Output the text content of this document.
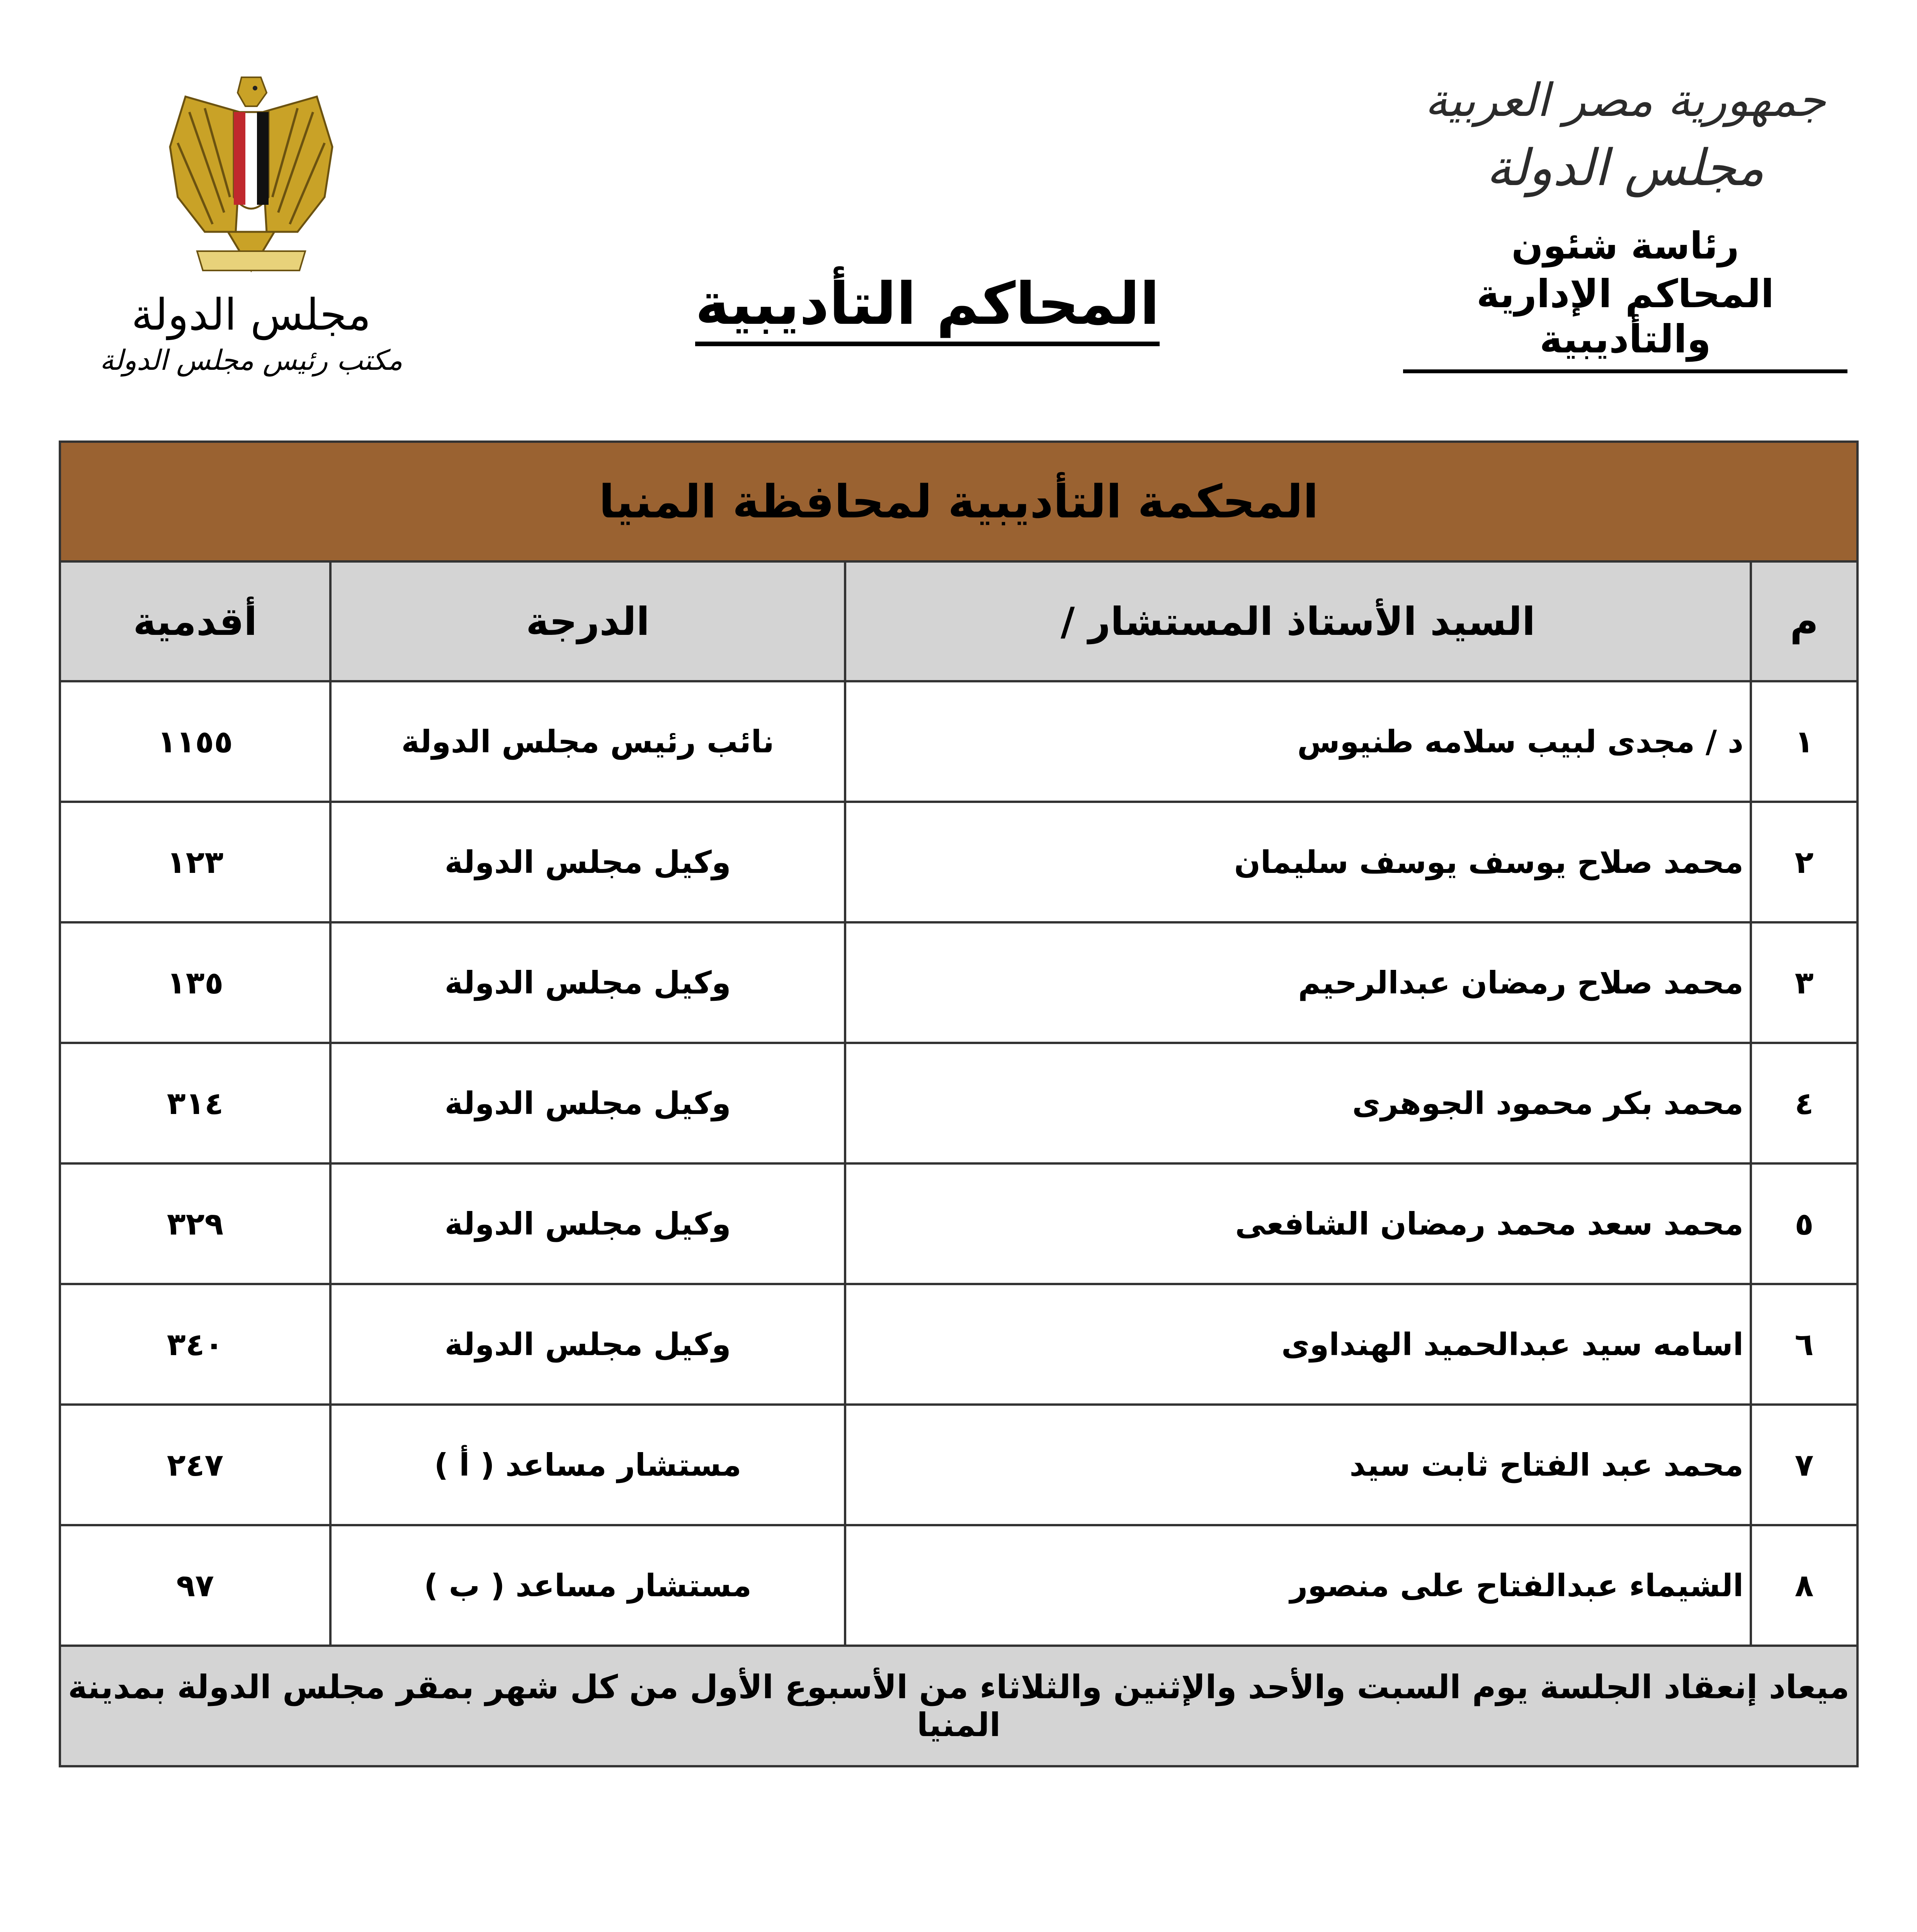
جمهورية مصر العربية
مجلس الدولة
رئاسة شئون
المحاكم الإدارية والتأديبية
المحاكم التأديبية
مجلس الدولة
مكتب رئيس مجلس الدولة
المحكمة التأديبية لمحافظة المنيا			
م	السيد الأستاذ المستشار /	الدرجة	أقدمية
١	د / مجدى لبيب سلامه طنيوس	نائب رئيس مجلس الدولة	١١٥٥
٢	محمد صلاح يوسف يوسف سليمان	وكيل مجلس الدولة	١٢٣
٣	محمد صلاح رمضان عبدالرحيم	وكيل مجلس الدولة	١٣٥
٤	محمد بكر محمود الجوهرى	وكيل مجلس الدولة	٣١٤
٥	محمد سعد محمد رمضان الشافعى	وكيل مجلس الدولة	٣٢٩
٦	اسامه سيد عبدالحميد الهنداوى	وكيل مجلس الدولة	٣٤٠
٧	محمد عبد الفتاح ثابت سيد	مستشار مساعد ( أ )	٢٤٧
٨	الشيماء عبدالفتاح على منصور	مستشار مساعد ( ب )	٩٧
ميعاد إنعقاد الجلسة يوم السبت والأحد والإثنين والثلاثاء من الأسبوع الأول من كل شهر بمقر مجلس الدولة بمدينة المنيا			
